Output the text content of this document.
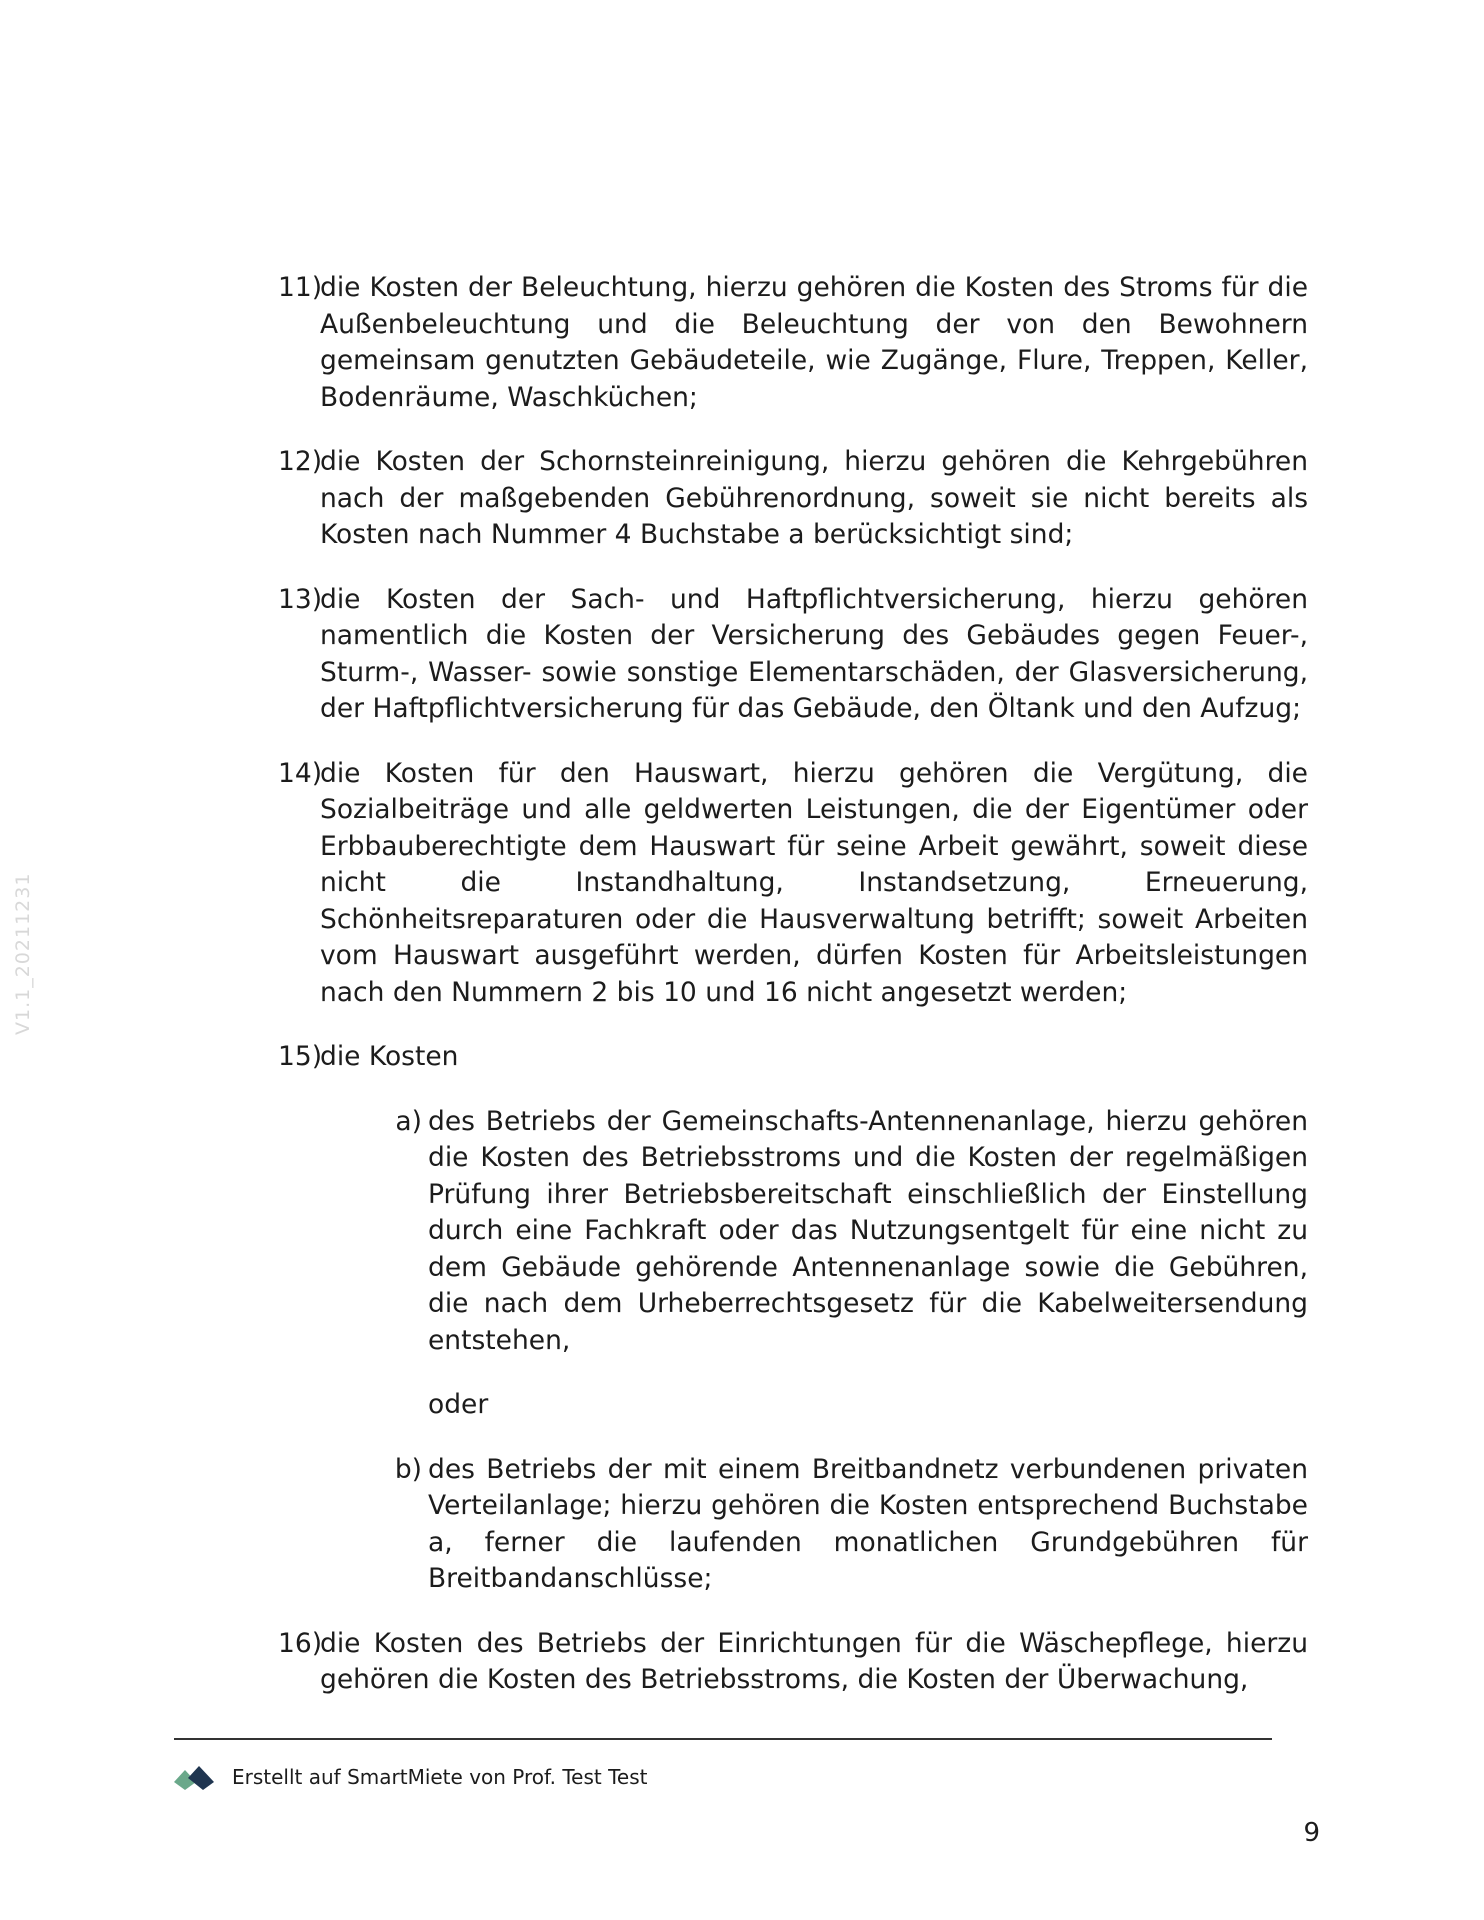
V1.1_20211231
11)
die Kosten der Beleuchtung, hierzu gehören die Kosten des Stroms für die Außenbeleuchtung und die Beleuchtung der von den Bewohnern gemeinsam genutzten Gebäudeteile, wie Zugänge, Flure, Treppen, Keller, Bodenräume, Waschküchen;
12)
die Kosten der Schornsteinreinigung, hierzu gehören die Kehrgebühren nach der maßgebenden Gebührenordnung, soweit sie nicht bereits als Kosten nach Nummer 4 Buchstabe a berücksichtigt sind;
13)
die Kosten der Sach- und Haftpflichtversicherung, hierzu gehören namentlich die Kosten der Versicherung des Gebäudes gegen Feuer-, Sturm-, Wasser- sowie sonstige Elementarschäden, der Glasversicherung, der Haftpflichtversicherung für das Gebäude, den Öltank und den Aufzug;
14)
die Kosten für den Hauswart, hierzu gehören die Vergütung, die Sozialbeiträge und alle geldwerten Leistungen, die der Eigentümer oder Erbbauberechtigte dem Hauswart für seine Arbeit gewährt, soweit diese nicht die Instandhaltung, Instandsetzung, Erneuerung, Schönheitsreparaturen oder die Hausverwaltung betrifft; soweit Arbeiten vom Hauswart ausgeführt werden, dürfen Kosten für Arbeitsleistungen nach den Nummern 2 bis 10 und 16 nicht angesetzt werden;
15)
die Kosten
a) des Betriebs der Gemeinschafts-Antennenanlage, hierzu gehören die Kosten des Betriebsstroms und die Kosten der regelmäßigen Prüfung ihrer Betriebsbereitschaft einschließlich der Einstellung durch eine Fachkraft oder das Nutzungsentgelt für eine nicht zu dem Gebäude gehörende Antennenanlage sowie die Gebühren, die nach dem Urheberrechtsgesetz für die Kabelweitersendung entstehen,
oder
b) des Betriebs der mit einem Breitbandnetz verbundenen privaten Verteilanlage; hierzu gehören die Kosten entsprechend Buchstabe a, ferner die laufenden monatlichen Grundgebühren für Breitbandanschlüsse;
16)
die Kosten des Betriebs der Einrichtungen für die Wäschepflege, hierzu gehören die Kosten des Betriebsstroms, die Kosten der Überwachung,
Erstellt auf SmartMiete von Prof. Test Test
9
